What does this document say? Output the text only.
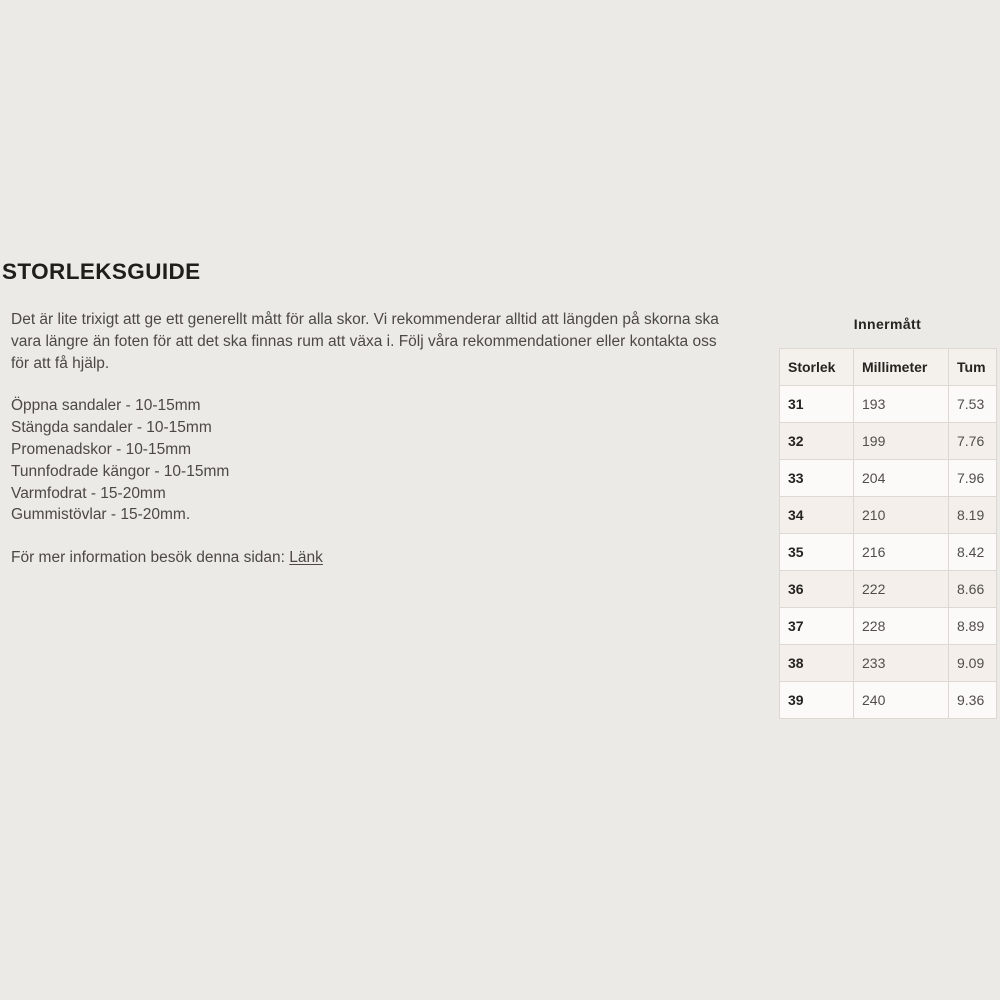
STORLEKSGUIDE

Det är lite trixigt att ge ett generellt mått för alla skor. Vi rekommenderar alltid att längden på skorna ska vara längre än foten för att det ska finnas rum att växa i. Följ våra rekommendationer eller kontakta oss för att få hjälp.

Öppna sandaler - 10-15mm
Stängda sandaler - 10-15mm
Promenadskor - 10-15mm
Tunnfodrade kängor - 10-15mm
Varmfodrat - 15-20mm
Gummistövlar - 15-20mm.

För mer information besök denna sidan: Länk

Innermått
Storlek	Millimeter	Tum
31	193	7.53
32	199	7.76
33	204	7.96
34	210	8.19
35	216	8.42
36	222	8.66
37	228	8.89
38	233	9.09
39	240	9.36
